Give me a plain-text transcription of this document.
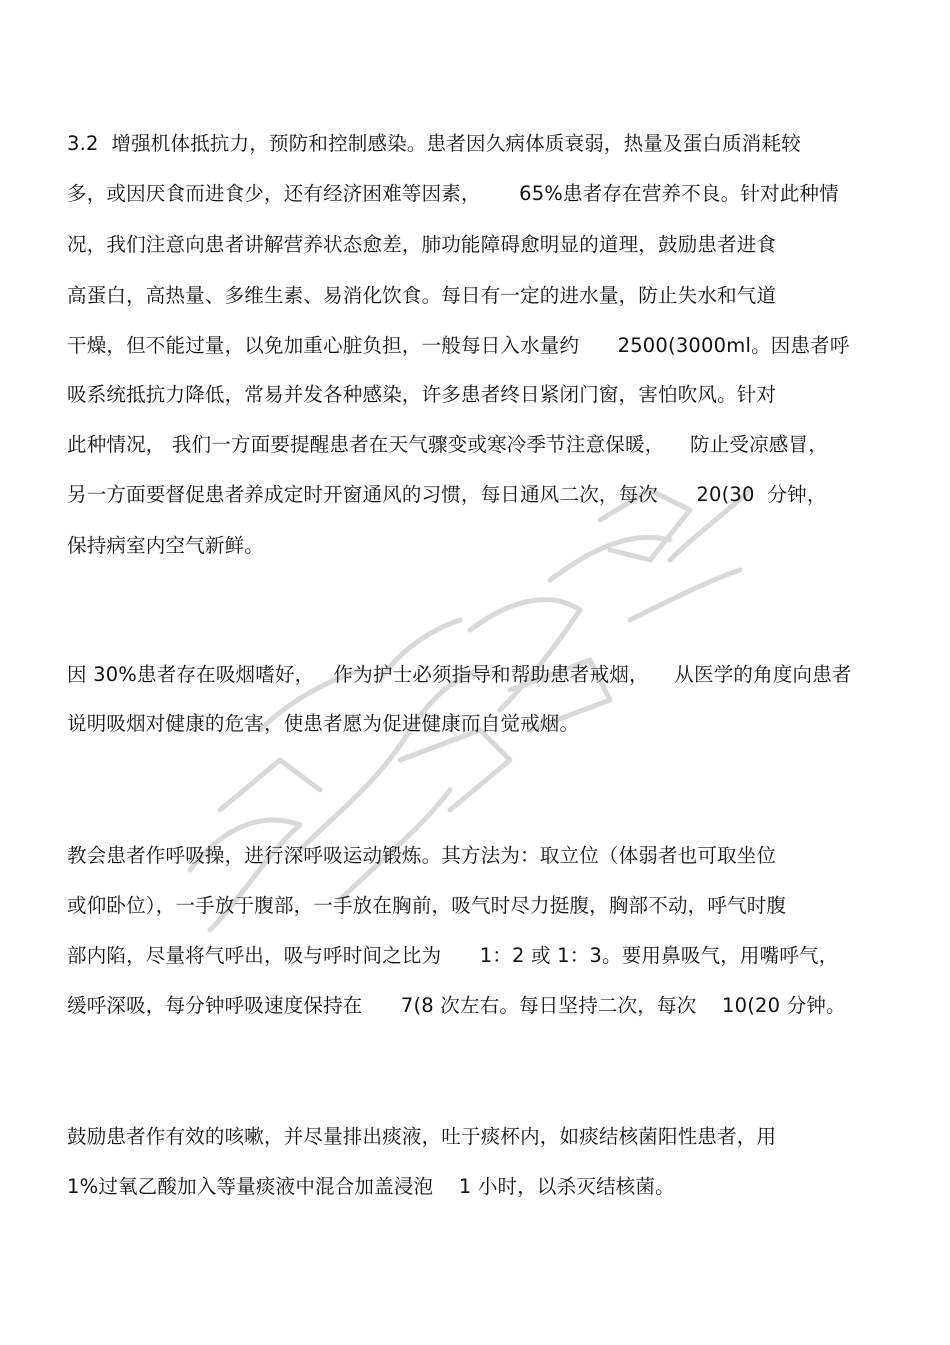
3.2  增强机体抵抗力，预防和控制感染。患者因久病体质衰弱，热量及蛋白质消耗较
多，或因厌食而进食少，还有经济困难等因素，      65%患者存在营养不良。针对此种情
况，我们注意向患者讲解营养状态愈差，肺功能障碍愈明显的道理，鼓励患者进食
高蛋白，高热量、多维生素、易消化饮食。每日有一定的进水量，防止失水和气道
干燥，但不能过量，以免加重心脏负担，一般每日入水量约      2500(3000ml。因患者呼
吸系统抵抗力降低，常易并发各种感染，许多患者终日紧闭门窗，害怕吹风。针对
此种情况， 我们一方面要提醒患者在天气骤变或寒冷季节注意保暖，    防止受凉感冒，
另一方面要督促患者养成定时开窗通风的习惯，每日通风二次，每次      20(30  分钟，
保持病室内空气新鲜。
因 30%患者存在吸烟嗜好，   作为护士必须指导和帮助患者戒烟，    从医学的角度向患者
说明吸烟对健康的危害，使患者愿为促进健康而自觉戒烟。
教会患者作呼吸操，进行深呼吸运动锻炼。其方法为：取立位（体弱者也可取坐位
或仰卧位），一手放于腹部，一手放在胸前，吸气时尽力挺腹，胸部不动，呼气时腹
部内陷，尽量将气呼出，吸与呼时间之比为      1：2 或 1：3。要用鼻吸气，用嘴呼气，
缓呼深吸，每分钟呼吸速度保持在      7(8 次左右。每日坚持二次，每次    10(20 分钟。
鼓励患者作有效的咳嗽，并尽量排出痰液，吐于痰杯内，如痰结核菌阳性患者，用
1%过氧乙酸加入等量痰液中混合加盖浸泡    1 小时，以杀灭结核菌。
